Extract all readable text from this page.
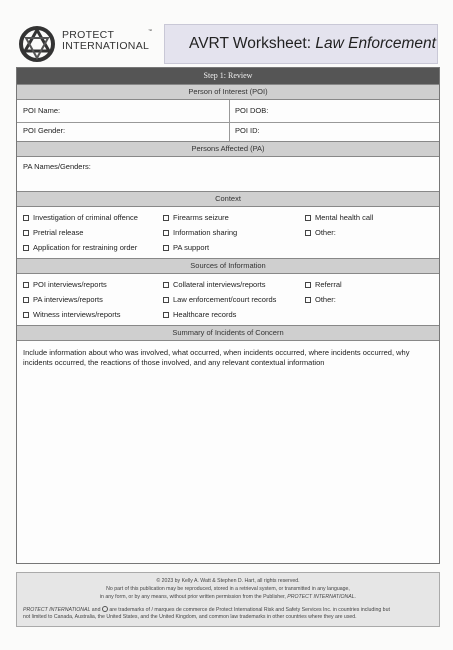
PROTECT
INTERNATIONAL
™
AVRT Worksheet: Law Enforcement
Step 1: Review
Person of Interest (POI)
POI Name:	POI DOB:
POI Gender:	POI ID:
Persons Affected (PA)
PA Names/Genders:
Context
Investigation of criminal offence	Firearms seizure	Mental health call
Pretrial release	Information sharing	Other:
Application for restraining order	PA support
Sources of Information
POI interviews/reports	Collateral interviews/reports	Referral
PA interviews/reports	Law enforcement/court records	Other:
Witness interviews/reports	Healthcare records
Summary of Incidents of Concern
Include information about who was involved, what occurred, when incidents occurred, where incidents occurred, why incidents occurred, the reactions of those involved, and any relevant contextual information
© 2023 by Kelly A. Watt & Stephen D. Hart, all rights reserved.
No part of this publication may be reproduced, stored in a retrieval system, or transmitted in any language,
in any form, or by any means, without prior written permission from the Publisher, PROTECT INTERNATIONAL.
PROTECT INTERNATIONAL and  are trademarks of / marques de commerce de Protect International Risk and Safety Services Inc. in countries including but
not limited to Canada, Australia, the United States, and the United Kingdom, and common law trademarks in other countries where they are used.
